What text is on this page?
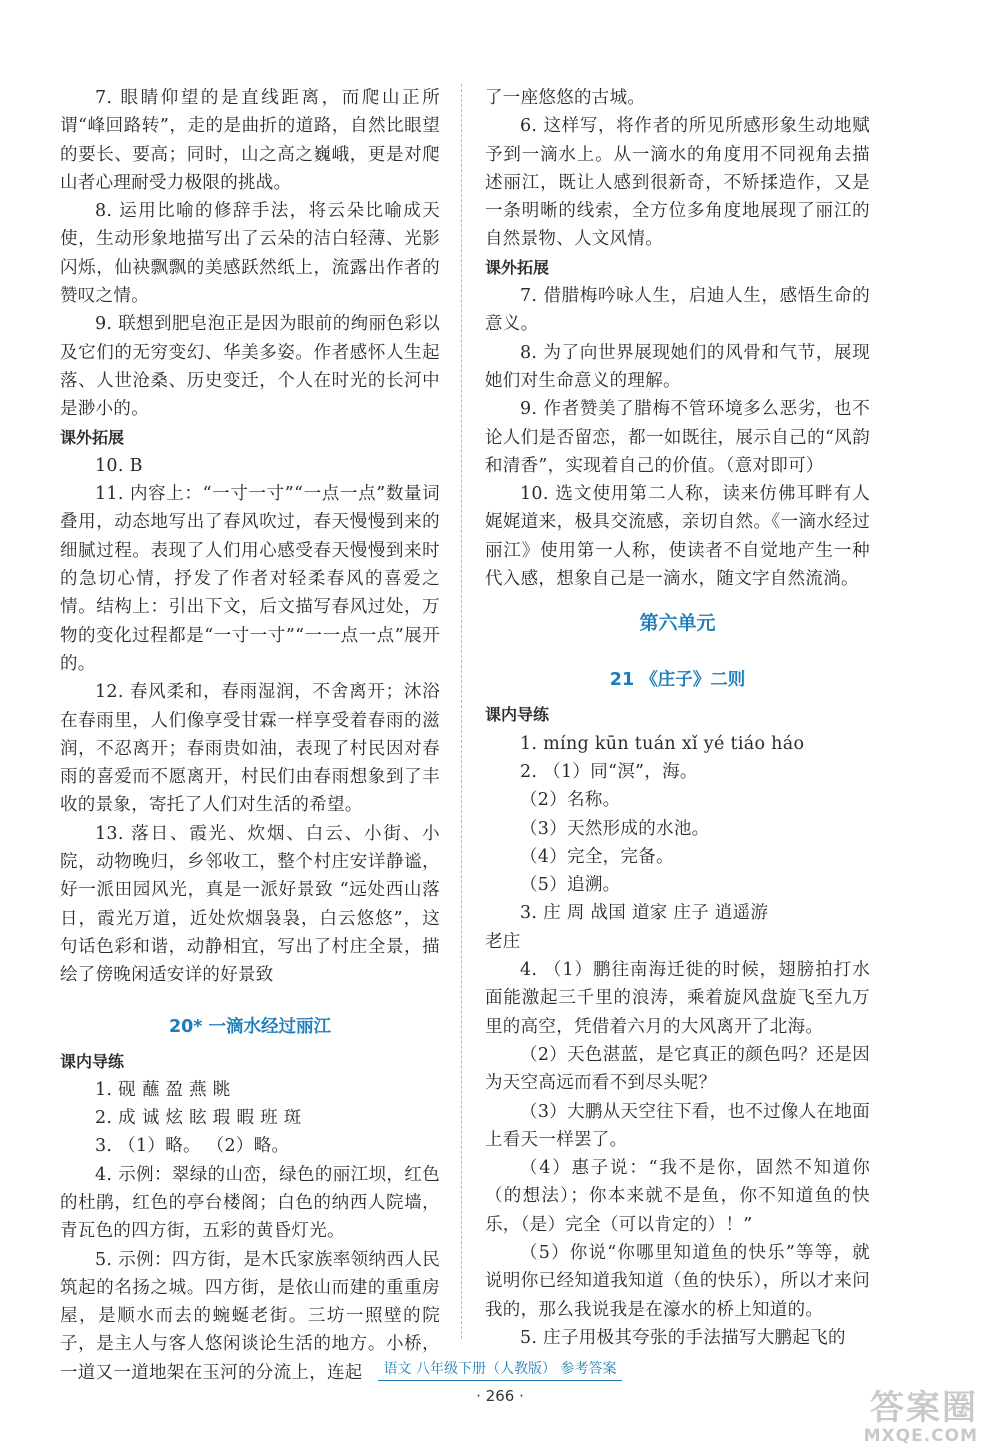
7. 眼睛仰望的是直线距离，而爬山正所谓“峰回路转”，走的是曲折的道路，自然比眼望的要长、要高；同时，山之高之巍峨，更是对爬山者心理耐受力极限的挑战。
8. 运用比喻的修辞手法，将云朵比喻成天使，生动形象地描写出了云朵的洁白轻薄、光影闪烁，仙袂飘飘的美感跃然纸上，流露出作者的赞叹之情。
9. 联想到肥皂泡正是因为眼前的绚丽色彩以及它们的无穷变幻、华美多姿。作者感怀人生起落、人世沧桑、历史变迁，个人在时光的长河中是渺小的。
课外拓展
10. B
11. 内容上：“一寸一寸”“一点一点”数量词叠用，动态地写出了春风吹过，春天慢慢到来的细腻过程。表现了人们用心感受春天慢慢到来时的急切心情，抒发了作者对轻柔春风的喜爱之情。结构上：引出下文，后文描写春风过处，万物的变化过程都是“一寸一寸”“一一点一点”展开的。
12. 春风柔和，春雨湿润，不舍离开；沐浴在春雨里，人们像享受甘霖一样享受着春雨的滋润，不忍离开；春雨贵如油，表现了村民因对春雨的喜爱而不愿离开，村民们由春雨想象到了丰收的景象，寄托了人们对生活的希望。
13. 落日、霞光、炊烟、白云、小街、小院，动物晚归，乡邻收工，整个村庄安详静谧，好一派田园风光，真是一派好景致 “远处西山落日，霞光万道，近处炊烟袅袅，白云悠悠”，这句话色彩和谐，动静相宜，写出了村庄全景，描绘了傍晚闲适安详的好景致
20* 一滴水经过丽江
课内导练
1. 砚 蘸 盈 燕 眺
2. 成 诚 炫 眩 瑕 暇 班 斑
3. （1）略。 （2）略。
4. 示例：翠绿的山峦，绿色的丽江坝，红色的杜鹃，红色的亭台楼阁；白色的纳西人院墙，青瓦色的四方街，五彩的黄昏灯光。
5. 示例：四方街，是木氏家族率领纳西人民筑起的名扬之城。四方街，是依山而建的重重房屋，是顺水而去的蜿蜒老街。三坊一照壁的院子，是主人与客人悠闲谈论生活的地方。小桥，一道又一道地架在玉河的分流上，连起
了一座悠悠的古城。
6. 这样写，将作者的所见所感形象生动地赋予到一滴水上。从一滴水的角度用不同视角去描述丽江，既让人感到很新奇，不矫揉造作，又是一条明晰的线索，全方位多角度地展现了丽江的自然景物、人文风情。
课外拓展
7. 借腊梅吟咏人生，启迪人生，感悟生命的意义。
8. 为了向世界展现她们的风骨和气节，展现她们对生命意义的理解。
9. 作者赞美了腊梅不管环境多么恶劣，也不论人们是否留恋，都一如既往，展示自己的“风韵和清香”，实现着自己的价值。（意对即可）
10. 选文使用第二人称，读来仿佛耳畔有人娓娓道来，极具交流感，亲切自然。《一滴水经过丽江》使用第一人称，使读者不自觉地产生一种代入感，想象自己是一滴水，随文字自然流淌。
第六单元
21 《庄子》二则
课内导练
1. míng kūn tuán xǐ yé tiáo háo
2. （1）同“溟”，海。
（2）名称。
（3）天然形成的水池。
（4）完全，完备。
（5）追溯。
3. 庄 周 战国 道家 庄子 逍遥游
老庄
4. （1）鹏往南海迁徙的时候，翅膀拍打水面能激起三千里的浪涛，乘着旋风盘旋飞至九万里的高空，凭借着六月的大风离开了北海。
（2）天色湛蓝，是它真正的颜色吗？还是因为天空高远而看不到尽头呢？
（3）大鹏从天空往下看，也不过像人在地面上看天一样罢了。
（4）惠子说：“我不是你，固然不知道你（的想法）；你本来就不是鱼，你不知道鱼的快乐，（是）完全（可以肯定的）！”
（5）你说“你哪里知道鱼的快乐”等等，就说明你已经知道我知道（鱼的快乐），所以才来问我的，那么我说我是在濠水的桥上知道的。
5. 庄子用极其夸张的手法描写大鹏起飞的
语文 八年级下册（人教版） 参考答案
· 266 ·	答案圈
MXQE.COM
